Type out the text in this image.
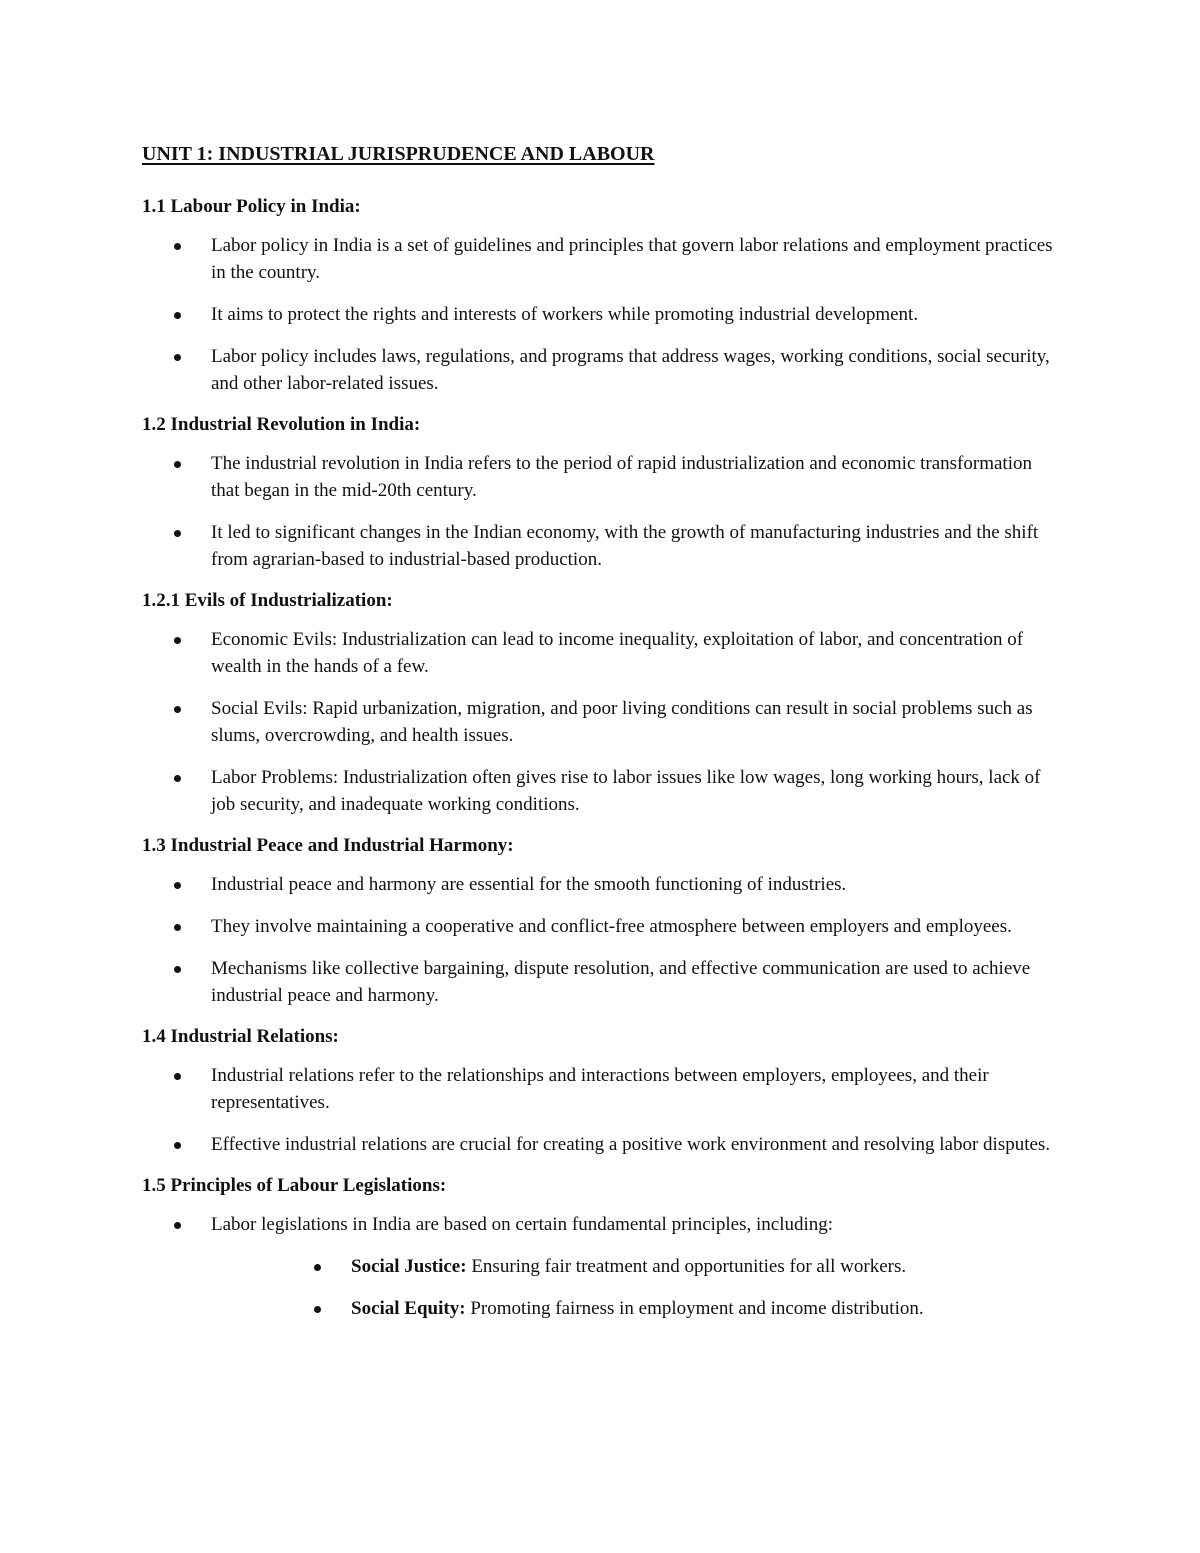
UNIT 1: INDUSTRIAL JURISPRUDENCE AND LABOUR
1.1 Labour Policy in India:
Labor policy in India is a set of guidelines and principles that govern labor relations and employment practices in the country.
It aims to protect the rights and interests of workers while promoting industrial development.
Labor policy includes laws, regulations, and programs that address wages, working conditions, social security, and other labor-related issues.
1.2 Industrial Revolution in India:
The industrial revolution in India refers to the period of rapid industrialization and economic transformation that began in the mid-20th century.
It led to significant changes in the Indian economy, with the growth of manufacturing industries and the shift from agrarian-based to industrial-based production.
1.2.1 Evils of Industrialization:
Economic Evils: Industrialization can lead to income inequality, exploitation of labor, and concentration of wealth in the hands of a few.
Social Evils: Rapid urbanization, migration, and poor living conditions can result in social problems such as slums, overcrowding, and health issues.
Labor Problems: Industrialization often gives rise to labor issues like low wages, long working hours, lack of job security, and inadequate working conditions.
1.3 Industrial Peace and Industrial Harmony:
Industrial peace and harmony are essential for the smooth functioning of industries.
They involve maintaining a cooperative and conflict-free atmosphere between employers and employees.
Mechanisms like collective bargaining, dispute resolution, and effective communication are used to achieve industrial peace and harmony.
1.4 Industrial Relations:
Industrial relations refer to the relationships and interactions between employers, employees, and their representatives.
Effective industrial relations are crucial for creating a positive work environment and resolving labor disputes.
1.5 Principles of Labour Legislations:
Labor legislations in India are based on certain fundamental principles, including:
Social Justice: Ensuring fair treatment and opportunities for all workers.
Social Equity: Promoting fairness in employment and income distribution.
